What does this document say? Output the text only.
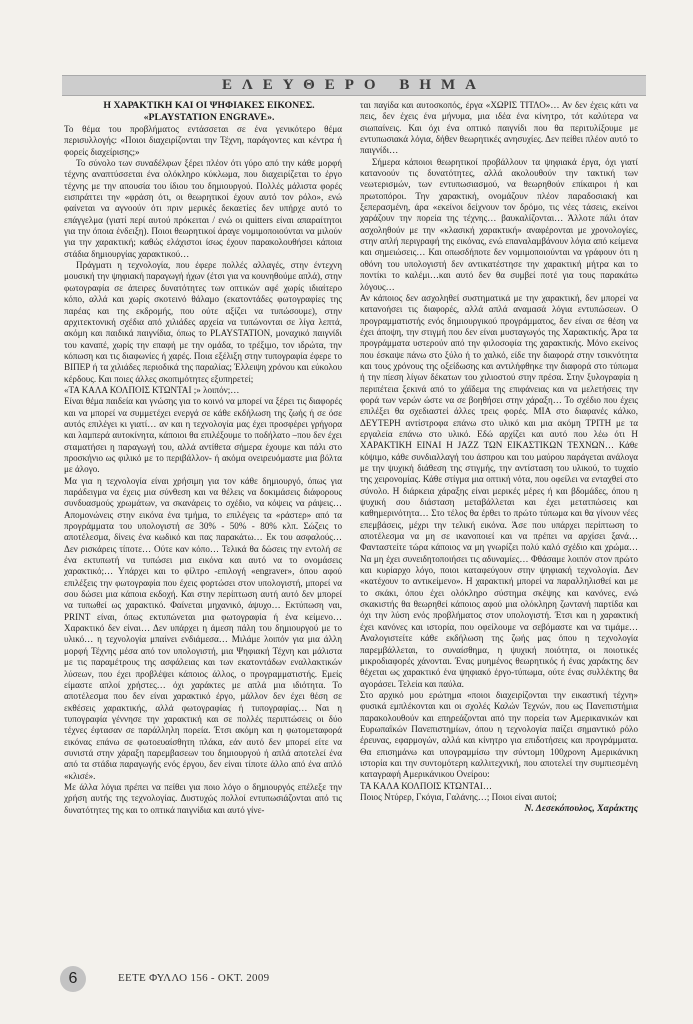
ΕΛΕΥΘΕΡΟ ΒΗΜΑ

Η ΧΑΡΑΚΤΙΚΗ ΚΑΙ ΟΙ ΨΗΦΙΑΚΕΣ ΕΙΚΟΝΕΣ.

«PLAYSTATION ENGRAVE».

Το θέμα του προβλήματος εντάσσεται σε ένα γενικότερο θέμα περισυλλογής: «Ποιοι διαχειρίζονται την Τέχνη, παράγοντες και κέντρα ή φορείς διαχείρισης;»

Το σύνολο των συναδέλφων ξέρει πλέον ότι γύρο από την κάθε μορφή τέχνης αναπτύσσεται ένα ολόκληρο κύκλωμα, που διαχειρίζεται το έργο τέχνης με την απουσία του ίδιου του δημιουργού. Πολλές μάλιστα φορές εισπράττει την «φράση ότι, οι θεωρητικοί έχουν αυτό τον ρόλο», ενώ φαίνεται να αγνοούν ότι πριν μερικές δεκαετίες δεν υπήρχε αυτό το επάγγελμα (γιατί περί αυτού πρόκειται / ενώ οι quitters είναι απαραίτητοι για την όποια ένδειξη). Ποιοι θεωρητικοί άραγε νομιμοποιούνται να μιλούν για την χαρακτική; καθώς ελάχιστοι ίσως έχουν παρακολουθήσει κάποια στάδια δημιουργίας χαρακτικού…

Πράγματι η τεχνολογία, που έφερε πολλές αλλαγές, στην έντεχνη μουσική την ψηφιακή παραγωγή ήχων (έτσι για να κουνηθούμε απλά), στην φωτογραφία σε άπειρες δυνατότητες των οπτικών αφέ χωρίς ιδιαίτερο κόπο, αλλά και χωρίς σκοτεινό θάλαμο (εκατοντάδες φωτογραφίες της παρέας και της εκδρομής, που ούτε αξίζει να τυπώσουμε), στην αρχιτεκτονική σχέδια από χιλιάδες αρχεία να τυπώνονται σε λίγα λεπτά, ακόμη και παιδικά παιγνίδια, όπως το PLAYSTATION, μοναχικό παιγνίδι του καναπέ, χωρίς την επαφή με την ομάδα, το τρέξιμο, τον ιδρώτα, την κόπωση και τις διαφωνίες ή χαρές. Ποια εξέλιξη στην τυπογραφία έφερε το ΒΙΠΕΡ ή τα χιλιάδες περιοδικά της παραλίας; Έλλειψη χρόνου και εύκολου κέρδους. Και ποιες άλλες σκοπιμότητες εξυπηρετεί;

«ΤΑ ΚΑΛΑ ΚΟΛΠΟΙΣ ΚΤΩΝΤΑΙ ;» λοιπόν;…

Είναι θέμα παιδεία και γνώσης για το κοινό να μπορεί να ξέρει τις διαφορές και να μπορεί να συμμετέχει ενεργά σε κάθε εκδήλωση της ζωής ή σε όσε αυτός επιλέγει κι γιατί… αν και η τεχνολογία μας έχει προσφέρει γρήγορα και λαμπερά αυτοκίνητα, κάποιοι θα επιλέξουμε το ποδήλατο –που δεν έχει σταματήσει η παραγωγή του, αλλά αντίθετα σήμερα έχουμε και πάλι στο προσκήνιο ως φιλικό με το περιβάλλον- ή ακόμα ονειρευόμαστε μια βόλτα με άλογο.

Μα για η τεχνολογία είναι χρήσιμη για τον κάθε δημιουργό, όπως για παράδειγμα να έχεις μια σύνθεση και να θέλεις να δοκιμάσεις διάφορους συνδυασμούς χρωμάτων, να σκανάρεις το σχέδιο, να κόψεις να ράψεις… Απομονώνεις στην εικόνα ένα τμήμα, το επιλέγεις τα «ράστερ» από τα προγράμματα του υπολογιστή σε 30% - 50% - 80% κλπ. Σώζεις το αποτέλεσμα, δίνεις ένα κωδικό και πας παρακάτω… Εκ του ασφαλούς… Δεν ρισκάρεις τίποτε… Ούτε καν κόπο… Τελικά θα δώσεις την εντολή σε ένα εκτυπωτή να τυπώσει μια εικόνα και αυτό να το ονομάσεις χαρακτικό;… Υπάρχει και το φίλτρο -επιλογή «engraver», όπου αφού επιλέξεις την φωτογραφία που έχεις φορτώσει στον υπολογιστή, μπορεί να σου δώσει μια κάποια εκδοχή. Και στην περίπτωση αυτή αυτό δεν μπορεί να τυπωθεί ως χαρακτικό. Φαίνεται μηχανικό, άψυχο… Εκτύπωση ναι, PRINT είναι, όπως εκτυπώνεται μια φωτογραφία ή ένα κείμενο… Χαρακτικό δεν είναι… Δεν υπάρχει η άμεση πάλη του δημιουργού με το υλικό… η τεχνολογία μπαίνει ενδιάμεσα… Μιλάμε λοιπόν για μια άλλη μορφή Τέχνης μέσα από τον υπολογιστή, μια Ψηφιακή Τέχνη και μάλιστα με τις παραμέτρους της ασφάλειας και των εκατοντάδων εναλλακτικών λύσεων, που έχει προβλέψει κάποιος άλλος, ο προγραμματιστής. Εμείς είμαστε απλοί χρήστες… όχι χαράκτες με απλά μια ιδιότητα. Το αποτέλεσμα που δεν είναι χαρακτικό έργο, μάλλον δεν έχει θέση σε εκθέσεις χαρακτικής, αλλά φωτογραφίας ή τυπογραφίας… Ναι η τυπογραφία γέννησε την χαρακτική και σε πολλές περιπτώσεις οι δύο τέχνες έφτασαν σε παράλληλη πορεία. Έτσι ακόμη και η φωτομεταφορά εικόνας επάνω σε φωτοευαίσθητη πλάκα, εάν αυτό δεν μπορεί είτε να συνιστά στην χάραξη παρεμβασεων του δημιουργού ή απλά αποτελεί ένα από τα στάδια παραγωγής ενός έργου, δεν είναι τίποτε άλλο από ένα απλό «κλισέ».

Με άλλα λόγια πρέπει να πείθει για ποιο λόγο ο δημιουργός επέλεξε την χρήση αυτής της τεχνολογίας. Δυστυχώς πολλοί εντυπωσιάζονται από τις δυνατότητες της και το οπτικά παιγνίδια και αυτό γίνε-

ται παγίδα και αυτοσκοπός, έργα «ΧΩΡΙΣ ΤΙΤΛΟ»… Αν δεν έχεις κάτι να πεις, δεν έχεις ένα μήνυμα, μια ιδέα ένα κίνητρο, τότ καλύτερα να σιωπαίνεις. Και όχι ένα οπτικό παιγνίδι που θα περιτυλίξουμε με εντυπωσιακά λόγια, δήθεν θεωρητικές ανησυχίες. Δεν πείθει πλέον αυτό το παιγνίδι…

Σήμερα κάποιοι θεωρητικοί προβάλλουν τα ψηφιακά έργα, όχι γιατί κατανοούν τις δυνατότητες, αλλά ακολουθούν την τακτική των νεωτερισμών, των εντυπωσιασμού, να θεωρηθούν επίκαιροι ή και πρωτοπόροι. Την χαρακτική, ονομάζουν πλέον παραδοσιακή και ξεπερασμένη, άρα «εκείνοι δείχνουν τον δρόμο, τις νέες τάσεις, εκείνοι χαράζουν την πορεία της τέχνης… βαυκαλίζονται… Άλλοτε πάλι όταν ασχοληθούν με την «κλασική χαρακτική» αναφέρονται με χρονολογίες, στην απλή περιγραφή της εικόνας, ενώ επαναλαμβάνουν λόγια από κείμενα και σημειώσεις… Και οπωσδήποτε δεν νομιμοποιούνται να γράφουν ότι η οθόνη του υπολογιστή δεν αντικατέστησε την χαρακτική μήτρα και το ποντίκι το καλέμι…και αυτό δεν θα συμβεί ποτέ για τους παρακάτω λόγους…

Αν κάποιος δεν ασχοληθεί συστηματικά με την χαρακτική, δεν μπορεί να κατανοήσει τις διαφορές, αλλά απλά αναμασά λόγια εντυπώσεων. Ο προγραμματιστής ενός δημιουργικού προγράμματος, δεν είναι σε θέση να έχει άποψη, την στιγμή που δεν είναι μυσταγωγός της Χαρακτικής. Άρα τα προγράμματα υστερούν από την φιλοσοφία της χαρακτικής. Μόνο εκείνος που έσκαψε πάνω στο ξύλο ή το χαλκό, είδε την διαφορά στην τσικνότητα και τους χρόνους της οξείδωσης και αντιλήφθηκε την διαφορά στο τύπωμα ή την πίεση λίγων δέκατων του χιλιοστού στην πρέσα. Στην ξυλογραφία η περιπέτεια ξεκινά από το χάϊδεμα της επιφάνειας και να μελετήσεις την φορά των νερών ώστε να σε βοηθήσει στην χάραξη… Το σχέδιο που έχεις επιλέξει θα σχεδιαστεί άλλες τρεις φορές. ΜΙΑ στο διαφανές κάλκο, ΔΕΥΤΕΡΗ αντίστροφα επάνω στο υλικό και μια ακόμη ΤΡΙΤΗ με τα εργαλεία επάνω στο υλικό. Εδώ αρχίζει και αυτό που λέω ότι Η ΧΑΡΑΚΤΙΚΗ ΕΙΝΑΙ Η JAZZ ΤΩΝ ΕΙΚΑΣΤΙΚΩΝ ΤΕΧΝΩΝ… Κάθε κόψιμο, κάθε συνδιαλλαγή του άσπρου και του μαύρου παράγεται ανάλογα με την ψυχική διάθεση της στιγμής, την αντίσταση του υλικού, το τυχαίο της χειρονομίας. Κάθε στίγμα μια οπτική νότα, που οφείλει να ενταχθεί στο σύνολο. Η διάρκεια χάραξης είναι μερικές μέρες ή και βδομάδες, όπου η ψυχική σου διάσταση μεταβάλλεται και έχει μετατπώσεις και καθημερινότητα… Στο τέλος θα έρθει το πρώτο τύπωμα και θα γίνουν νέες επεμβάσεις, μέχρι την τελική εικόνα. Άσε που υπάρχει περίπτωση το αποτέλεσμα να μη σε ικανοποιεί και να πρέπει να αρχίσει ξανά… Φανταστείτε τώρα κάποιος να μη γνωρίζει πολύ καλό σχέδιο και χρώμα… Να μη έχει συνειδητοποιήσει τις αδυναμίες… Φθάσαμε λοιπόν στον πρώτο και κυρίαρχο λόγο, ποιοι καταφεύγουν στην ψηφιακή τεχνολογία. Δεν «κατέχουν το αντικείμενο». Η χαρακτική μπορεί να παραλληλισθεί και με το σκάκι, όπου έχει ολόκληρο σύστημα σκέψης και κανόνες, ενώ σκακιστής θα θεωρηθεί κάποιος αφού μια ολόκληρη ζωντανή παρτίδα και όχι την λύση ενός προβλήματος στον υπολογιστή. Έτσι και η χαρακτική έχει κανόνες και ιστορία, που οφείλουμε να σεβόμαστε και να τιμάμε… Αναλογιστείτε κάθε εκδήλωση της ζωής μας όπου η τεχνολογία παρεμβάλλεται, το συναίσθημα, η ψυχική ποιότητα, οι ποιοτικές μικροδιαφορές χάνονται. Ένας μυημένος θεωρητικός ή ένας χαράκτης δεν θέχεται ως χαρακτικό ένα ψηφιακό έργο-τύπωμα, ούτε ένας συλλέκτης θα αγοράσει. Τελεία και παύλα.

Στο αρχικό μου ερώτημα «ποιοι διαχειρίζονται την εικαστική τέχνη» φυσικά εμπλέκονται και οι σχολές Καλών Τεχνών, που ως Πανεπιστήμια παρακολουθούν και επηρεάζονται από την πορεία των Αμερικανικών και Ευρωπαϊκών Πανεπιστημίων, όπου η τεχνολογία παίζει σημαντικό ρόλο έρευνας, εφαρμογών, αλλά και κίνητρο για επιδοτήσεις και προγράμματα. Θα επισημάνω και υπογραμμίσω την σύντομη 100χρονη Αμερικάνικη ιστορία και την συντομότερη καλλιτεχνική, που αποτελεί την συμπιεσμένη καταγραφή Αμερικάνικου Ονείρου:

ΤΑ ΚΑΛΑ ΚΟΛΠΟΙΣ ΚΤΩΝΤΑΙ…

Ποιος Ντύρερ, Γκόγια, Γαλάνης…; Ποιοι είναι αυτοί;

Ν. Δεσεκόπουλος, Χαράκτης

6	ΕΕΤΕ ΦΥΛΛΟ 156 - ΟΚΤ. 2009
